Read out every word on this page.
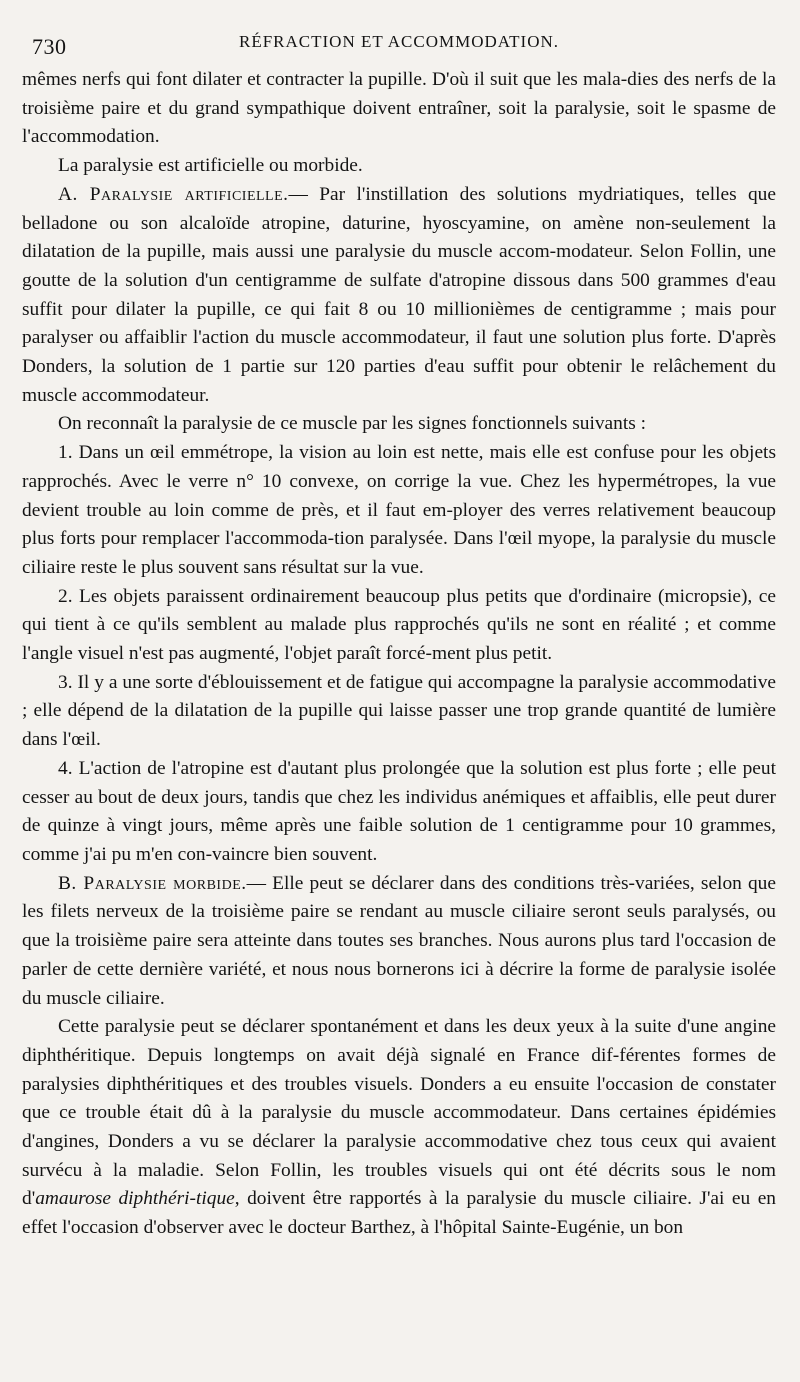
730	RÉFRACTION ET ACCOMMODATION.

mêmes nerfs qui font dilater et contracter la pupille. D'où il suit que les mala-dies des nerfs de la troisième paire et du grand sympathique doivent entraîner, soit la paralysie, soit le spasme de l'accommodation.

La paralysie est artificielle ou morbide.

A. Paralysie artificielle.— Par l'instillation des solutions mydriatiques, telles que belladone ou son alcaloïde atropine, daturine, hyoscyamine, on amène non-seulement la dilatation de la pupille, mais aussi une paralysie du muscle accom-modateur. Selon Follin, une goutte de la solution d'un centigramme de sulfate d'atropine dissous dans 500 grammes d'eau suffit pour dilater la pupille, ce qui fait 8 ou 10 millionièmes de centigramme ; mais pour paralyser ou affaiblir l'action du muscle accommodateur, il faut une solution plus forte. D'après Donders, la solution de 1 partie sur 120 parties d'eau suffit pour obtenir le relâchement du muscle accommodateur.

On reconnaît la paralysie de ce muscle par les signes fonctionnels suivants :

1. Dans un œil emmétrope, la vision au loin est nette, mais elle est confuse pour les objets rapprochés. Avec le verre n° 10 convexe, on corrige la vue. Chez les hypermétropes, la vue devient trouble au loin comme de près, et il faut em-ployer des verres relativement beaucoup plus forts pour remplacer l'accommoda-tion paralysée. Dans l'œil myope, la paralysie du muscle ciliaire reste le plus souvent sans résultat sur la vue.

2. Les objets paraissent ordinairement beaucoup plus petits que d'ordinaire (micropsie), ce qui tient à ce qu'ils semblent au malade plus rapprochés qu'ils ne sont en réalité ; et comme l'angle visuel n'est pas augmenté, l'objet paraît forcé-ment plus petit.

3. Il y a une sorte d'éblouissement et de fatigue qui accompagne la paralysie accommodative ; elle dépend de la dilatation de la pupille qui laisse passer une trop grande quantité de lumière dans l'œil.

4. L'action de l'atropine est d'autant plus prolongée que la solution est plus forte ; elle peut cesser au bout de deux jours, tandis que chez les individus anémiques et affaiblis, elle peut durer de quinze à vingt jours, même après une faible solution de 1 centigramme pour 10 grammes, comme j'ai pu m'en con-vaincre bien souvent.

B. Paralysie morbide.— Elle peut se déclarer dans des conditions très-variées, selon que les filets nerveux de la troisième paire se rendant au muscle ciliaire seront seuls paralysés, ou que la troisième paire sera atteinte dans toutes ses branches. Nous aurons plus tard l'occasion de parler de cette dernière variété, et nous nous bornerons ici à décrire la forme de paralysie isolée du muscle ciliaire.

Cette paralysie peut se déclarer spontanément et dans les deux yeux à la suite d'une angine diphthéritique. Depuis longtemps on avait déjà signalé en France dif-férentes formes de paralysies diphthéritiques et des troubles visuels. Donders a eu ensuite l'occasion de constater que ce trouble était dû à la paralysie du muscle accommodateur. Dans certaines épidémies d'angines, Donders a vu se déclarer la paralysie accommodative chez tous ceux qui avaient survécu à la maladie. Selon Follin, les troubles visuels qui ont été décrits sous le nom d'amaurose diphthéri-tique, doivent être rapportés à la paralysie du muscle ciliaire. J'ai eu en effet l'occasion d'observer avec le docteur Barthez, à l'hôpital Sainte-Eugénie, un bon
